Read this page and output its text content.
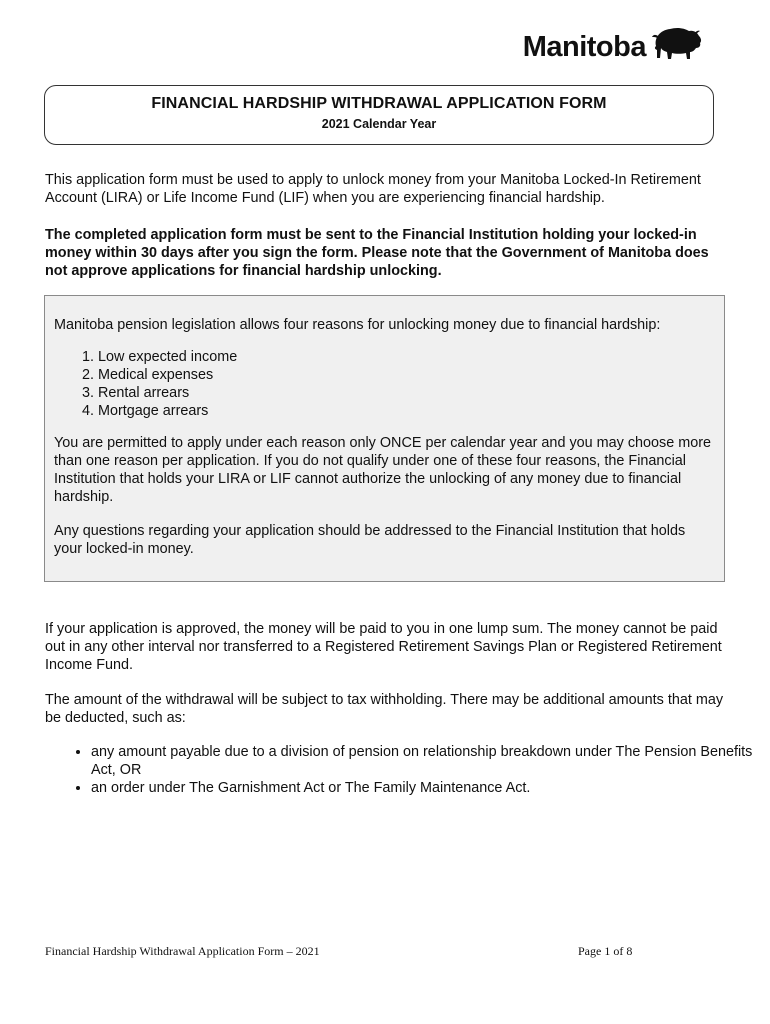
Manitoba
FINANCIAL HARDSHIP WITHDRAWAL APPLICATION FORM
2021 Calendar Year

This application form must be used to apply to unlock money from your Manitoba Locked-In Retirement Account (LIRA) or Life Income Fund (LIF) when you are experiencing financial hardship.

The completed application form must be sent to the Financial Institution holding your locked-in money within 30 days after you sign the form. Please note that the Government of Manitoba does not approve applications for financial hardship unlocking.

Manitoba pension legislation allows four reasons for unlocking money due to financial hardship:

1. Low expected income
2. Medical expenses
3. Rental arrears
4. Mortgage arrears

You are permitted to apply under each reason only ONCE per calendar year and you may choose more than one reason per application. If you do not qualify under one of these four reasons, the Financial Institution that holds your LIRA or LIF cannot authorize the unlocking of any money due to financial hardship.

Any questions regarding your application should be addressed to the Financial Institution that holds your locked-in money.

If your application is approved, the money will be paid to you in one lump sum. The money cannot be paid out in any other interval nor transferred to a Registered Retirement Savings Plan or Registered Retirement Income Fund.

The amount of the withdrawal will be subject to tax withholding. There may be additional amounts that may be deducted, such as:

• any amount payable due to a division of pension on relationship breakdown under The Pension Benefits Act, OR
• an order under The Garnishment Act or The Family Maintenance Act.
Financial Hardship Withdrawal Application Form – 2021	Page 1 of 8
